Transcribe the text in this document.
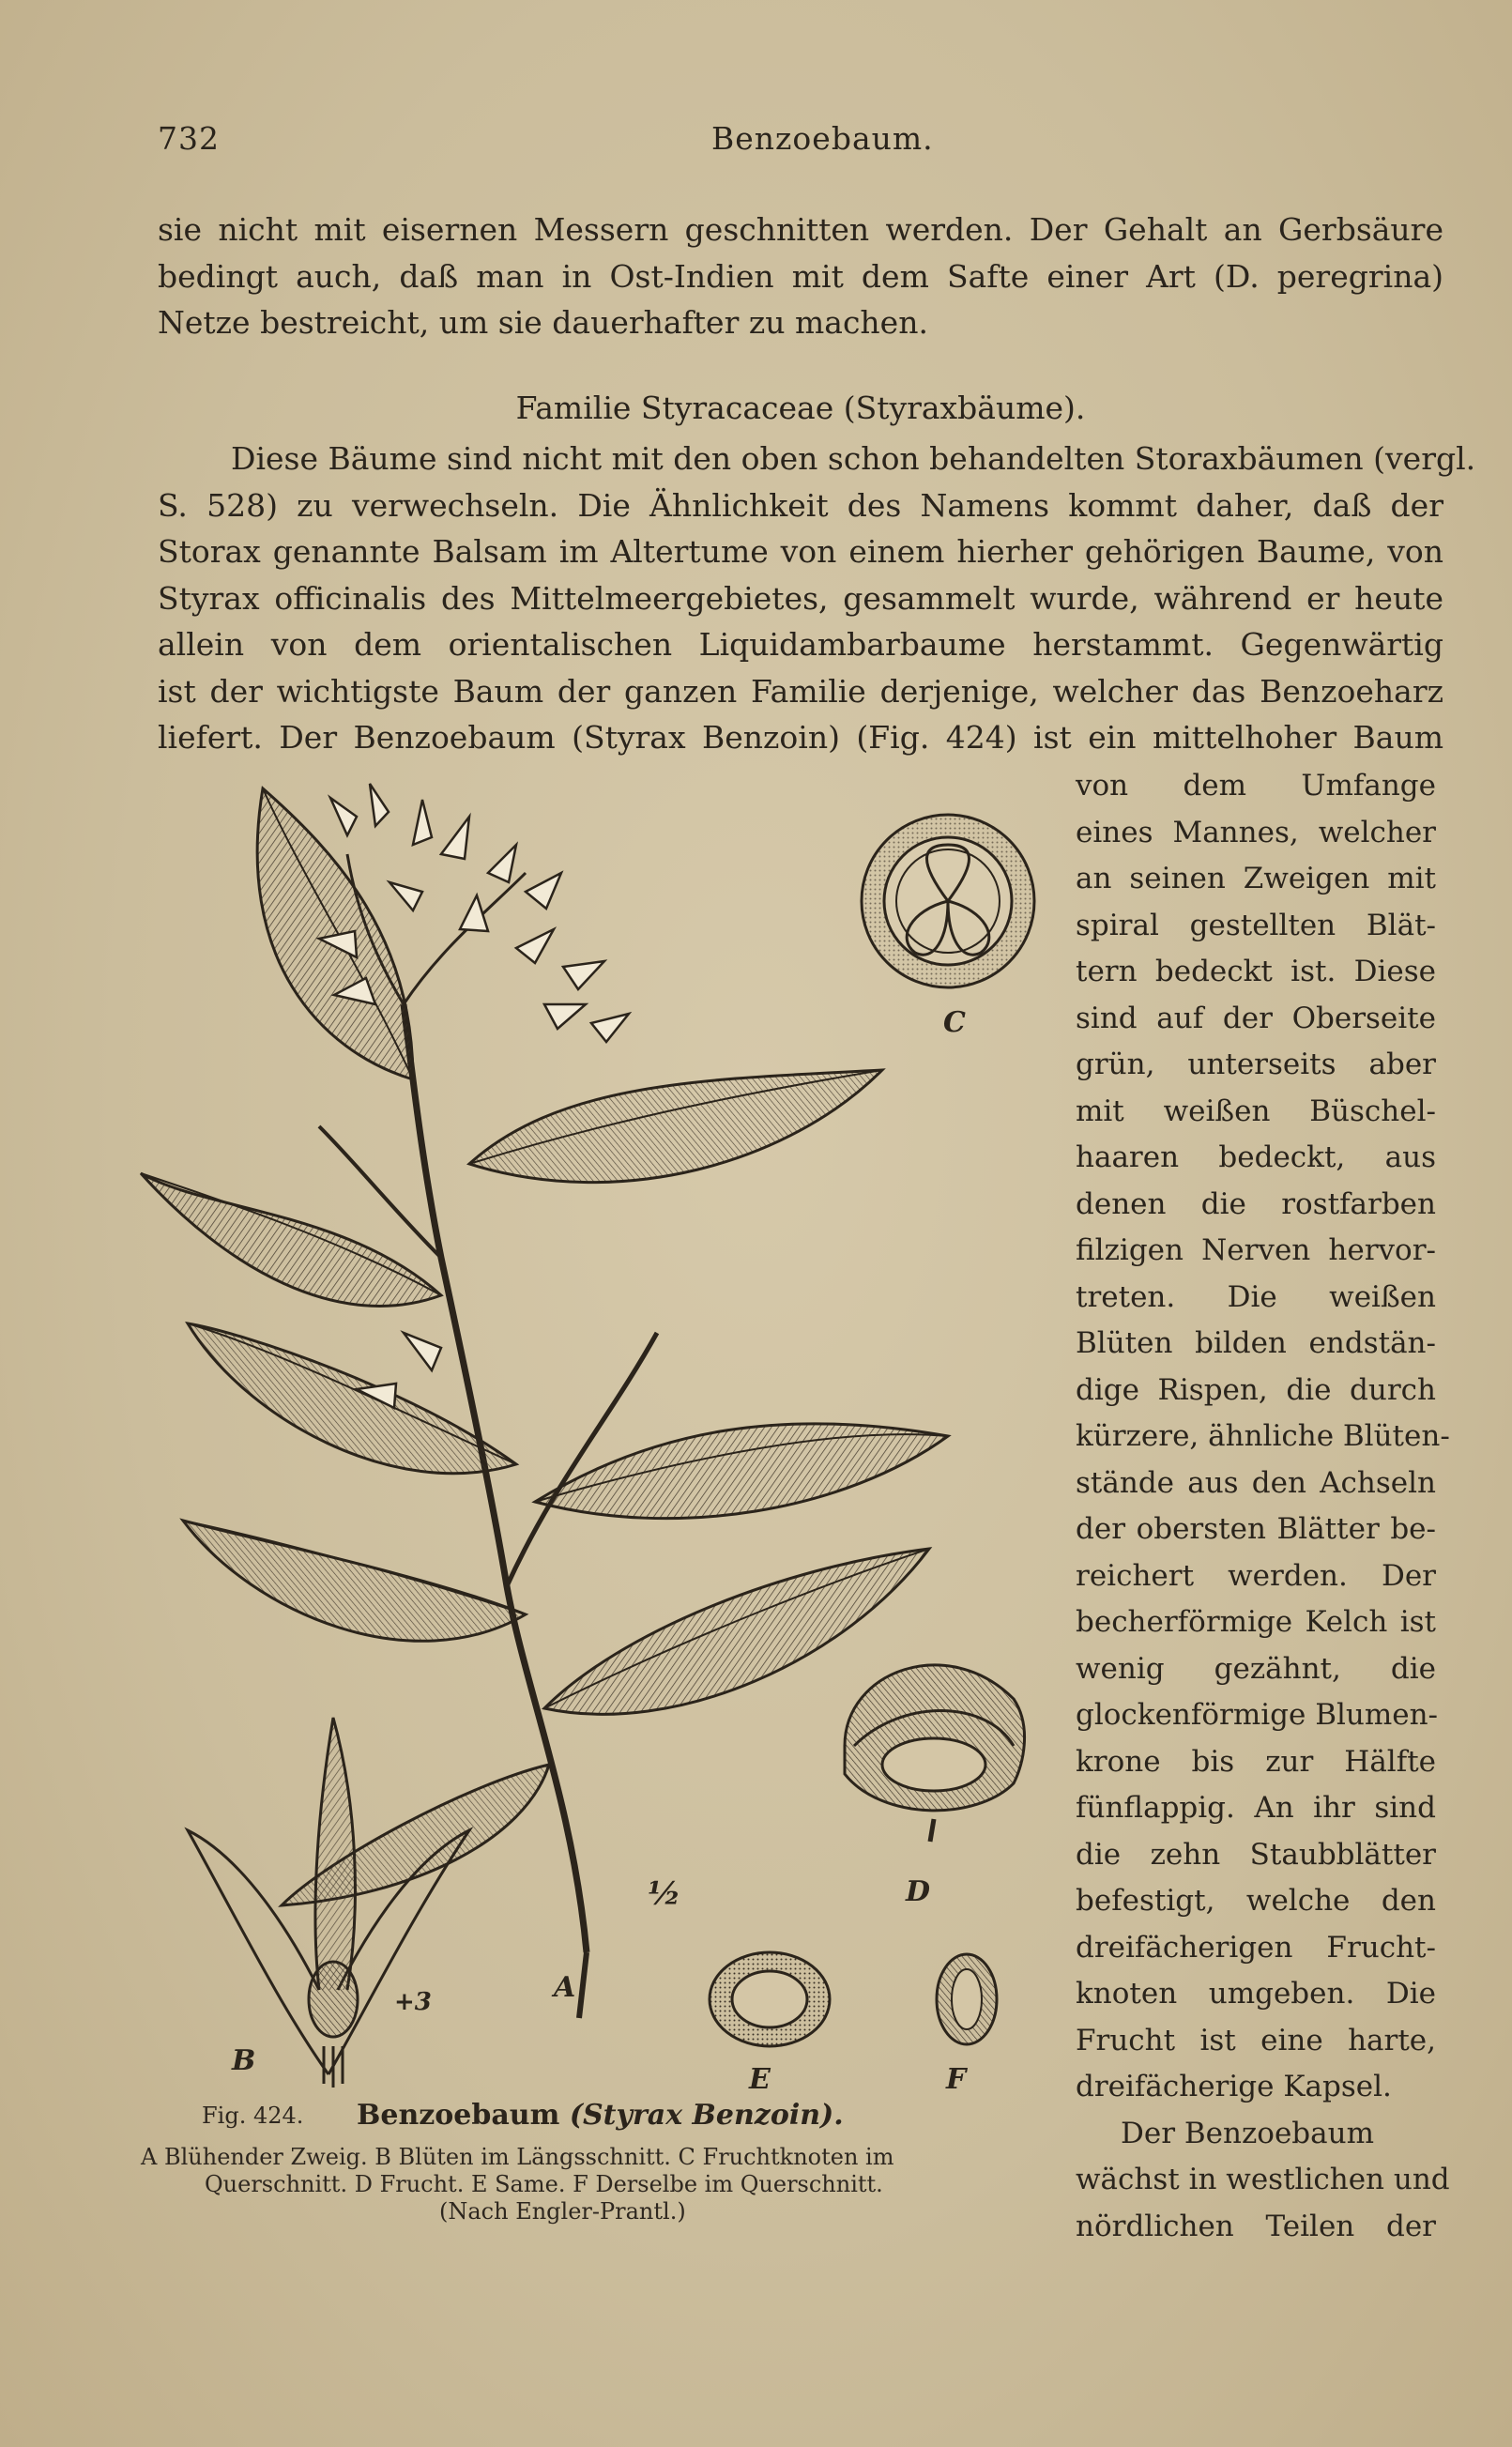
732	Benzoebaum.
sie nicht mit eisernen Messern geschnitten werden. Der Gehalt an Gerbsäure
bedingt auch, daß man in Ost-Indien mit dem Safte einer Art (D. peregrina)
Netze bestreicht, um sie dauerhafter zu machen.
Familie Styracaceae (Styraxbäume).
Diese Bäume sind nicht mit den oben schon behandelten Storaxbäumen (vergl.
S. 528) zu verwechseln. Die Ähnlichkeit des Namens kommt daher, daß der
Storax genannte Balsam im Altertume von einem hierher gehörigen Baume, von
Styrax officinalis des Mittelmeergebietes, gesammelt wurde, während er heute
allein von dem orientalischen Liquidambarbaume herstammt. Gegenwärtig
ist der wichtigste Baum der ganzen Familie derjenige, welcher das Benzoeharz
liefert. Der Benzoebaum (Styrax Benzoin) (Fig. 424) ist ein mittelhoher Baum
von dem Umfange
eines Mannes, welcher
an seinen Zweigen mit
spiral gestellten Blät-
tern bedeckt ist. Diese
sind auf der Oberseite
grün, unterseits aber
mit weißen Büschel-
haaren bedeckt, aus
denen die rostfarben
filzigen Nerven hervor-
treten. Die weißen
Blüten bilden endstän-
dige Rispen, die durch
kürzere, ähnliche Blüten-
stände aus den Achseln
der obersten Blätter be-
reichert werden. Der
becherförmige Kelch ist
wenig gezähnt, die
glockenförmige Blumen-
krone bis zur Hälfte
fünflappig. An ihr sind
die zehn Staubblätter
befestigt, welche den
dreifächerigen Frucht-
knoten umgeben. Die
Frucht ist eine harte,
dreifächerige Kapsel.
Der Benzoebaum
wächst in westlichen und
nördlichen Teilen der
C
D
A
B
E	F
½
+3
Fig. 424. Benzoebaum (Styrax Benzoin).
A Blühender Zweig. B Blüten im Längsschnitt. C Fruchtknoten im
Querschnitt. D Frucht. E Same. F Derselbe im Querschnitt.
(Nach Engler-Prantl.)
